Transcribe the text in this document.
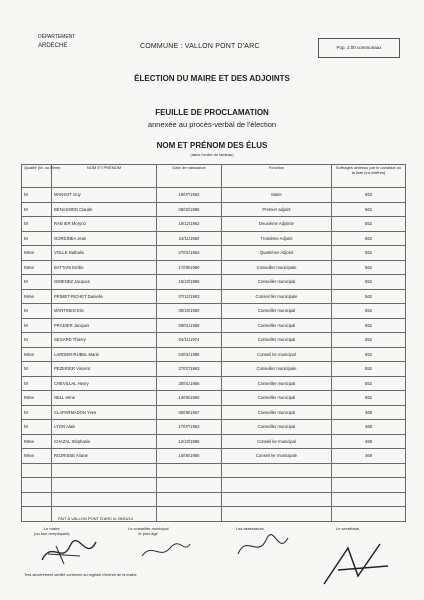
DÉPARTEMENT
ARDECHE	COMMUNE : VALLON PONT D'ARC	Pop. 2.00 communaux
ÉLECTION DU MAIRE ET DES ADJOINTS
FEUILLE DE PROCLAMATION
annexée au procès-verbal de l'élection
NOM ET PRÉNOM DES ÉLUS
(dans l'ordre du tableau)
Qualité (M. ou Mme)	NOM ET PRÉNOM	Date de naissance	Fonction	Suffrages obtenus par le candidat ou la liste (en chiffres)
M	MANSOT Guy	19/07/1952	Maire	553
M	BÉNASSIED Claude	08/02/1965	Premier adjoint	562
M	RAB IER Moryno	19/12/1962	Deuxième Adjointe	552
M	GORDINEA Jean	24/11/1950	Troisième Adjoint	562
Mme	VOLLE Nathalie	27/01/1963	Quatrième Adjoint	552
Mme	BATTANI Emilie	17/09/1980	Conseiller municipale	562
M	GIMENEZ Jacques	15/10/1956	Conseiller municipal	552
Mme	PRIMET-RICHET Danielle	07/12/1953	Conseil ller municipale	562
M	MARTINEN Eric	05/10/1960	Conseiller municipal	552
M	PRADIER Jacques	09/01/1958	Conseiller municipal	552
M	SEGARD Thierry	04/11/1974	Conseiller municipal	552
Mme	LARDIER-RUBEL Marie	04/01/1986	Conseil ler municipal	552
M	PEZERIER Vincent	27/07/1963	Conseiller municipale	552
M	CHEVILLAL Henry	30/01/1956	Conseiller municipal	552
Mme	NELL Irène	13/06/1960	Conseiller municipal	552
M	CLAPARMADON Yves	05/08/1967	Conseiller municipal	468
M	LYON Alain	17/07/1963	Conseiller municipal	468
Mme	CHAZAL Stéphanie	12/10/1965	Conseil ler municipal	468
Mme	ROJRISSE Ariane	14/06/1960	Conseil ler municipale	468

FAIT À VALLON PONT D'ARC le 28/03/14
Le maire
(ou son remplaçant)
Le conseiller municipal
le plus âgé
Les assesseurs	Le secrétaire,
Très sincèrement certifié conforme au registre d'entrée de la mairie
